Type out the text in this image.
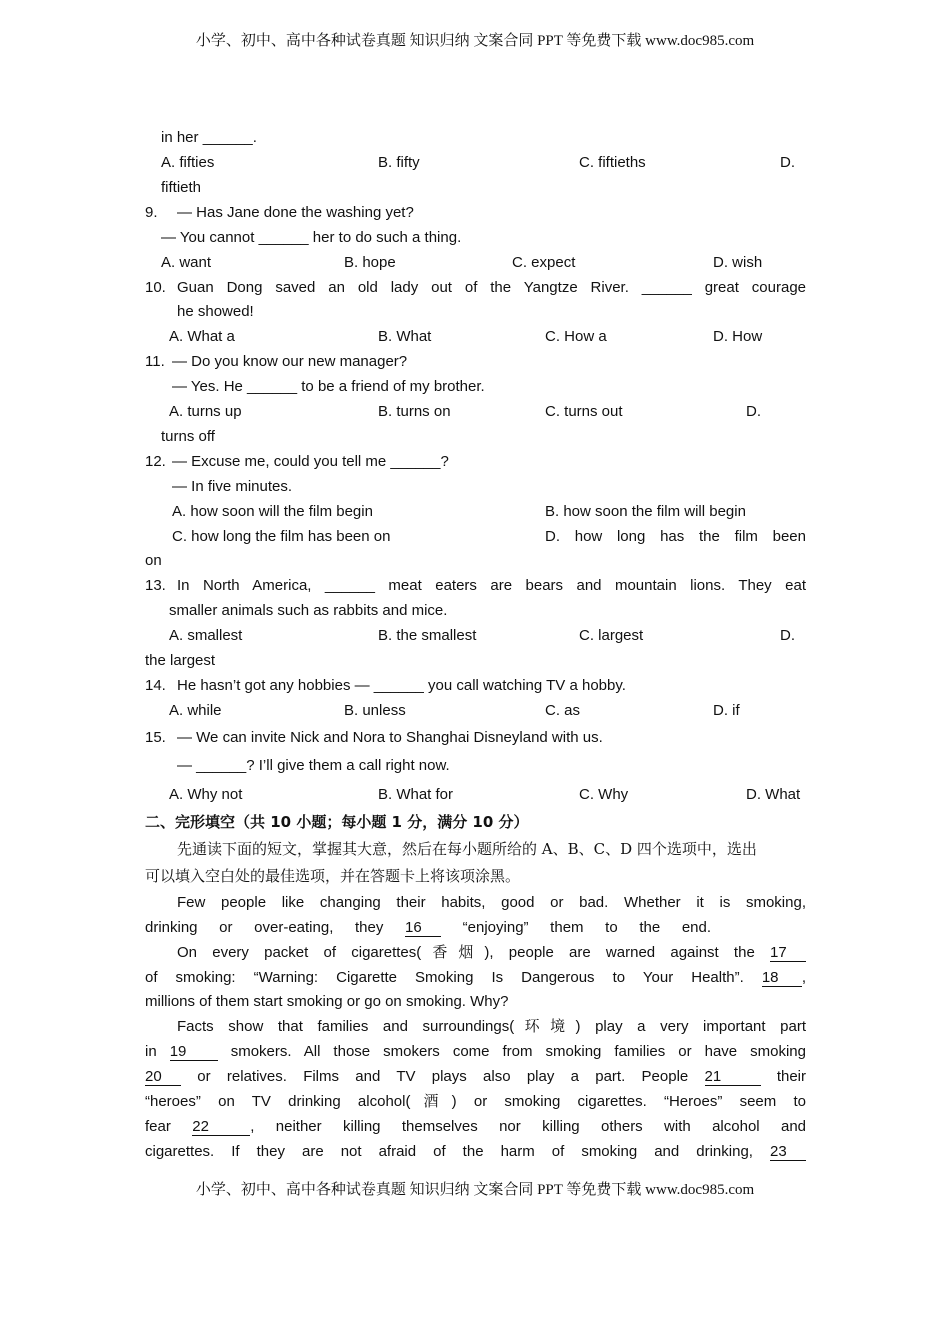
小学、初中、高中各种试卷真题 知识归纳 文案合同 PPT 等免费下载 www.doc985.com
in her ______.
A. fifties	B. fifty	C. fiftieths	D.
fiftieth
9. — Has Jane done the washing yet?
— You cannot ______ her to do such a thing.
A. want	B. hope	C. expect	D. wish
10. Guan Dong saved an old lady out of the Yangtze River. ______ great courage
he showed!
A. What a	B. What	C. How a	D. How
11. — Do you know our new manager?
— Yes. He ______ to be a friend of my brother.
A. turns up	B. turns on	C. turns out	D.
turns off
12. — Excuse me, could you tell me ______?
— In five minutes.
A. how soon will the film begin	B. how soon the film will begin
C. how long the film has been on	D. how long has the film been
on
13. In North America, ______ meat eaters are bears and mountain lions. They eat
smaller animals such as rabbits and mice.
A. smallest	B. the smallest	C. largest	D.
the largest
14. He hasn’t got any hobbies — ______ you call watching TV a hobby.
A. while	B. unless	C. as	D. if
15. — We can invite Nick and Nora to Shanghai Disneyland with us.
— ______? I’ll give them a call right now.
A. Why not	B. What for	C. Why	D. What
二、完形填空（共 10 小题；每小题 1 分，满分 10 分）
先通读下面的短文，掌握其大意，然后在每小题所给的 A、B、C、D 四个选项中，选出
可以填入空白处的最佳选项，并在答题卡上将该项涂黑。
Few people like changing their habits, good or bad. Whether it is smoking,
drinking or over-eating, they 16	“enjoying” them to the end.
On every packet of cigarettes(香烟), people are warned against the 17
of smoking: “Warning: Cigarette Smoking Is Dangerous to Your Health”. 18 ,
millions of them start smoking or go on smoking. Why?
Facts show that families and surroundings(环境) play a very important part
in 19	smokers. All those smokers come from smoking families or have smoking
20 or relatives. Films and TV plays also play a part. People 21	their
“heroes” on TV drinking alcohol(酒) or smoking cigarettes. “Heroes” seem to
fear 22	, neither killing themselves nor killing others with alcohol and
cigarettes. If they are not afraid of the harm of smoking and drinking, 23
小学、初中、高中各种试卷真题 知识归纳 文案合同 PPT 等免费下载 www.doc985.com
